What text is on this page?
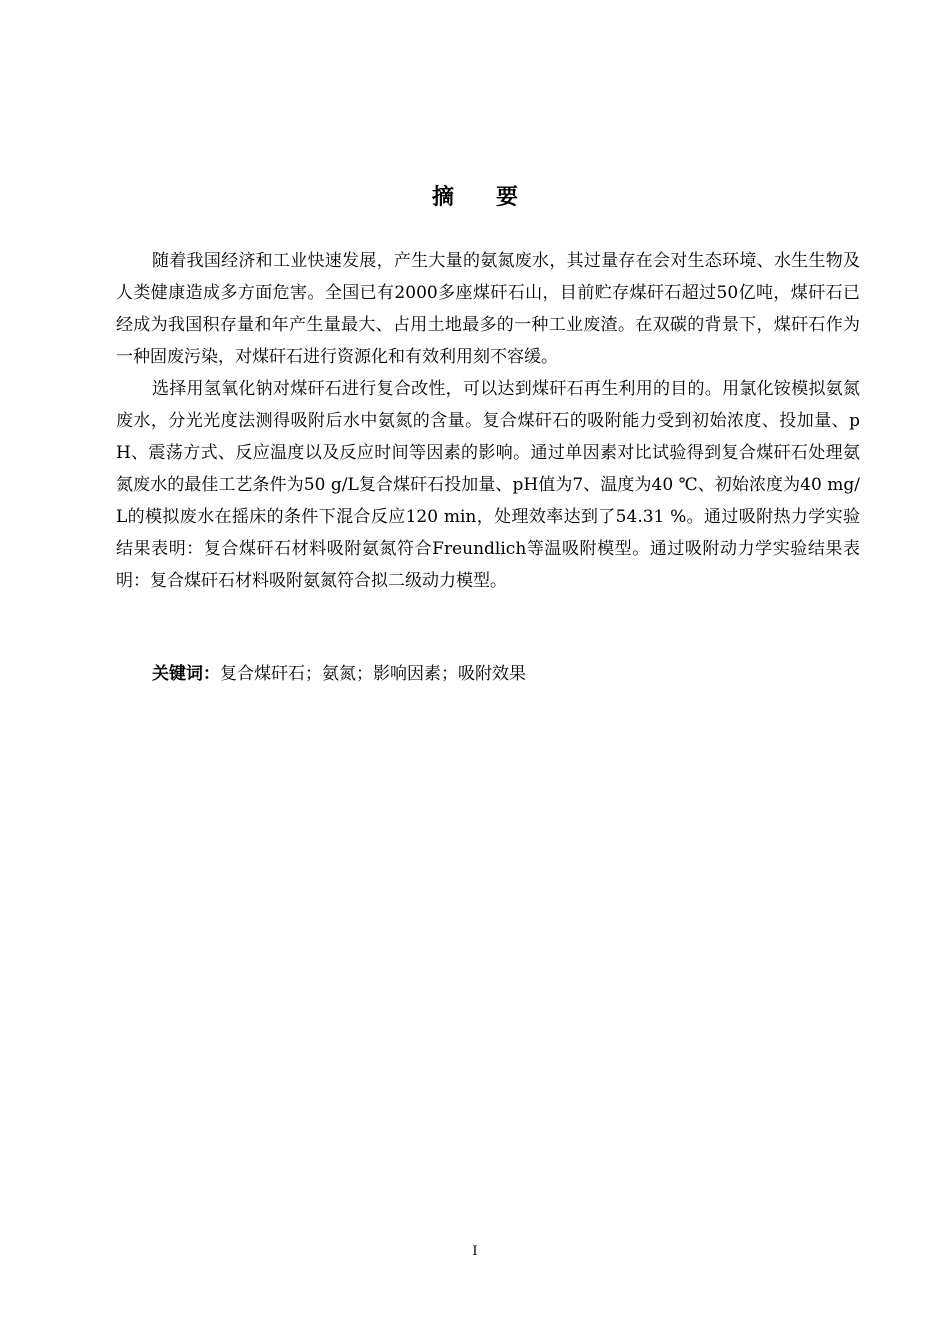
摘 要

随着我国经济和工业快速发展，产生大量的氨氮废水，其过量存在会对生态环境、水生生物及人类健康造成多方面危害。全国已有2000多座煤矸石山，目前贮存煤矸石超过50亿吨，煤矸石已经成为我国积存量和年产生量最大、占用土地最多的一种工业废渣。在双碳的背景下，煤矸石作为一种固废污染，对煤矸石进行资源化和有效利用刻不容缓。

选择用氢氧化钠对煤矸石进行复合改性，可以达到煤矸石再生利用的目的。用氯化铵模拟氨氮废水，分光光度法测得吸附后水中氨氮的含量。复合煤矸石的吸附能力受到初始浓度、投加量、pH、震荡方式、反应温度以及反应时间等因素的影响。通过单因素对比试验得到复合煤矸石处理氨氮废水的最佳工艺条件为50 g/L复合煤矸石投加量、pH值为7、温度为40 ℃、初始浓度为40 mg/L的模拟废水在摇床的条件下混合反应120 min，处理效率达到了54.31 %。通过吸附热力学实验结果表明：复合煤矸石材料吸附氨氮符合Freundlich等温吸附模型。通过吸附动力学实验结果表明：复合煤矸石材料吸附氨氮符合拟二级动力模型。

关键词：复合煤矸石；氨氮；影响因素；吸附效果

I
